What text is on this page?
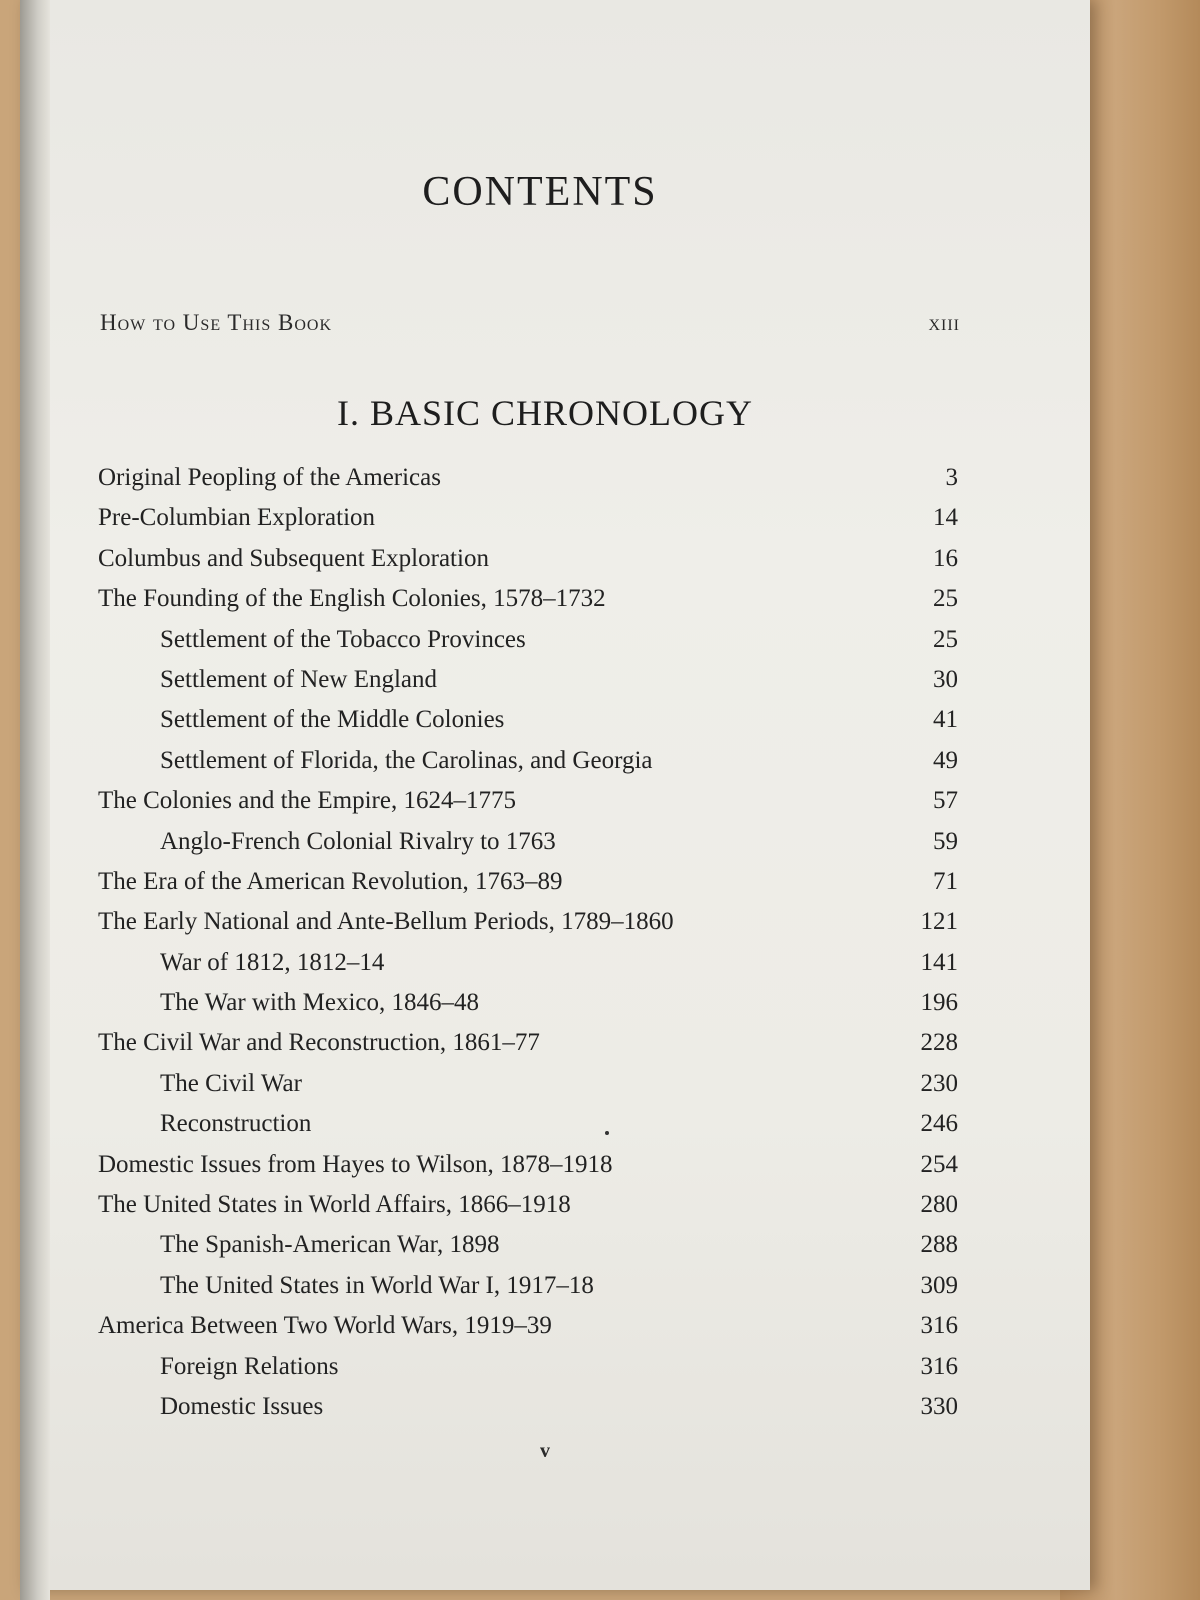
CONTENTS
How to Use This Book	xiii
I. BASIC CHRONOLOGY
Original Peopling of the Americas	3
Pre-Columbian Exploration	14
Columbus and Subsequent Exploration	16
The Founding of the English Colonies, 1578–1732	25
Settlement of the Tobacco Provinces	25
Settlement of New England	30
Settlement of the Middle Colonies	41
Settlement of Florida, the Carolinas, and Georgia	49
The Colonies and the Empire, 1624–1775	57
Anglo-French Colonial Rivalry to 1763	59
The Era of the American Revolution, 1763–89	71
The Early National and Ante-Bellum Periods, 1789–1860	121
War of 1812, 1812–14	141
The War with Mexico, 1846–48	196
The Civil War and Reconstruction, 1861–77	228
The Civil War	230
Reconstruction	246
Domestic Issues from Hayes to Wilson, 1878–1918	254
The United States in World Affairs, 1866–1918	280
The Spanish-American War, 1898	288
The United States in World War I, 1917–18	309
America Between Two World Wars, 1919–39	316
Foreign Relations	316
Domestic Issues	330
v
